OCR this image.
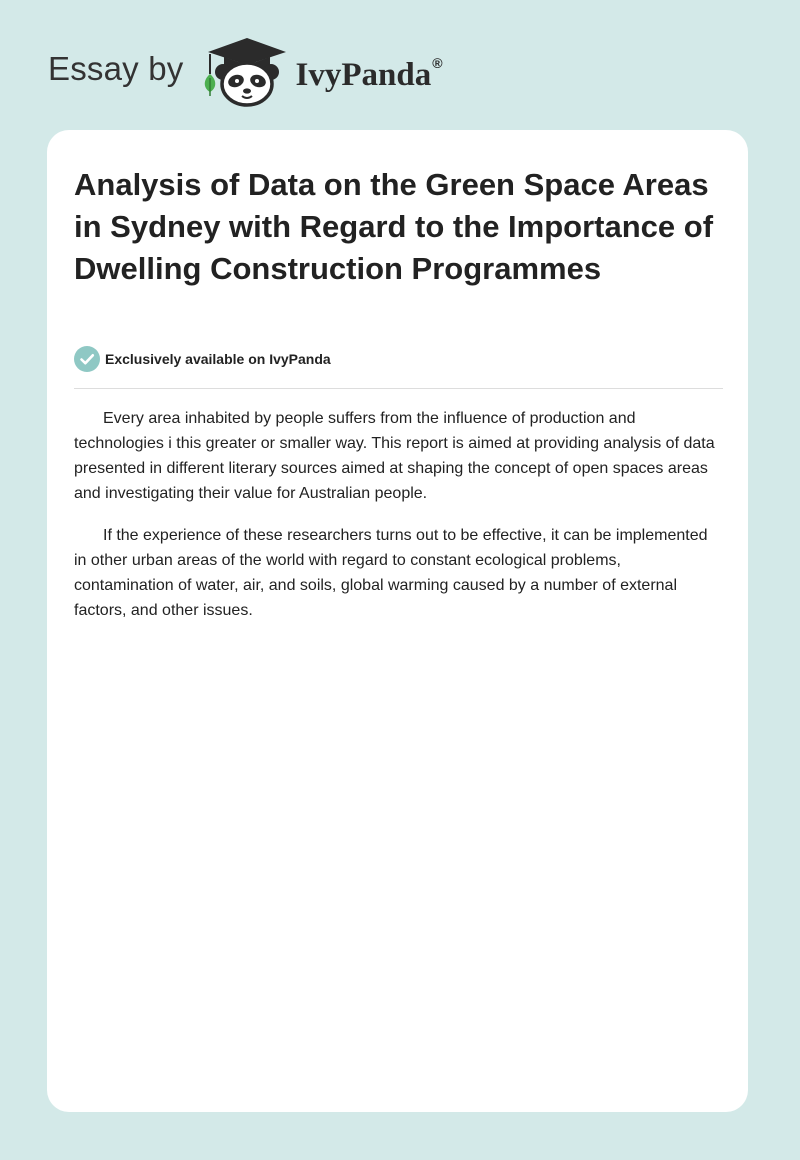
Essay by	IvyPanda®
Analysis of Data on the Green Space Areas in Sydney with Regard to the Importance of Dwelling Construction Programmes
Exclusively available on IvyPanda

Every area inhabited by people suffers from the influence of production and technologies i this greater or smaller way. This report is aimed at providing analysis of data presented in different literary sources aimed at shaping the concept of open spaces areas and investigating their value for Australian people.

If the experience of these researchers turns out to be effective, it can be implemented in other urban areas of the world with regard to constant ecological problems, contamination of water, air, and soils, global warming caused by a number of external factors, and other issues.
